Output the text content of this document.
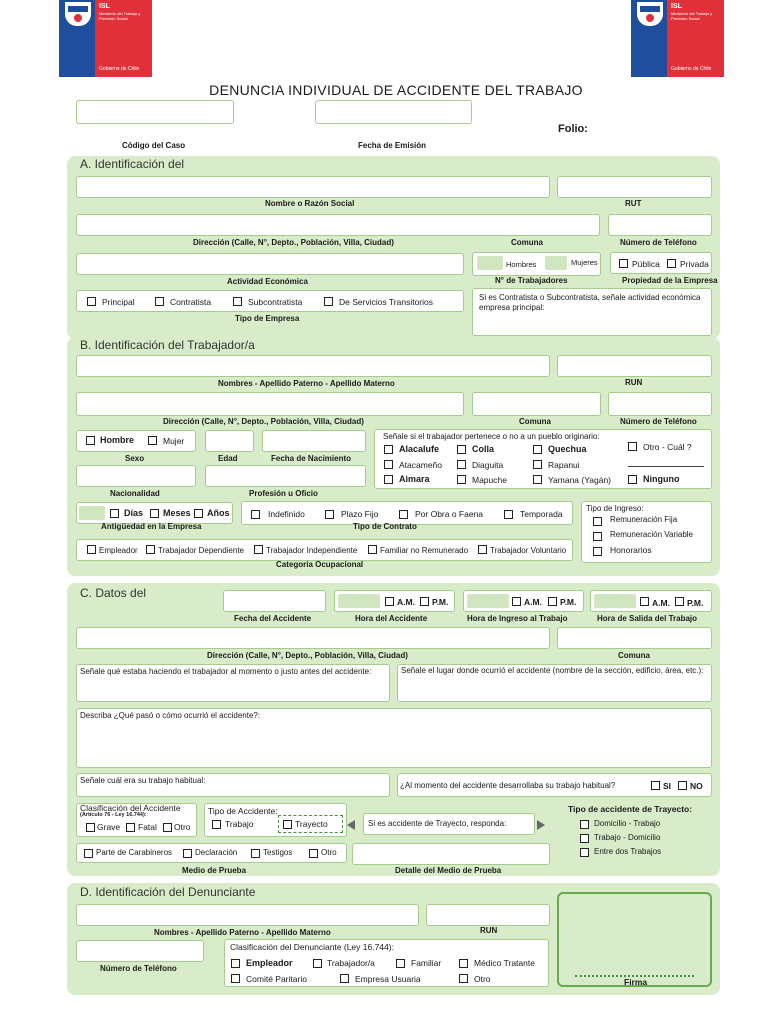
ISL
Ministerio del Trabajo y Previsión Social
Gobierno de Chile
ISL
Ministerio del Trabajo y Previsión Social
Gobierno de Chile
DENUNCIA INDIVIDUAL DE ACCIDENTE DEL TRABAJO
Folio:
Código del Caso	Fecha de Emisión
A. Identificación del
Nombre o Razón Social	RUT
Dirección (Calle, N°, Depto., Población, Villa, Ciudad)	Comuna	Número de Teléfono
Hombres	Mujeres	Pública Privada
Actividad Económica	N° de Trabajadores	Propiedad de la Empresa
Principal	Contratista	Subcontratista	De Servicios Transitorios
Tipo de Empresa
Si es Contratista o Subcontratista, señale actividad económica empresa principal:
B. Identificación del Trabajador/a
Nombres - Apellido Paterno - Apellido Materno	RUN
Dirección (Calle, N°, Depto., Población, Villa, Ciudad)	Comuna	Número de Teléfono
Hombre	Mujer
Sexo	Edad	Fecha de Nacimiento
Señale si el trabajador pertenece o no a un pueblo originario:
Alacalufe	Colla	Quechua	Otro - Cuál ?
Atacameño	Diaguita	Rapanui
Aimara	Mapuche	Yamana (Yagán)	Ninguno
Nacionalidad	Profesión u Oficio
Días Meses Años
Antigüedad en la Empresa
Indefinido	Plazo Fijo	Por Obra o Faena	Temporada
Tipo de Contrato
Tipo de Ingreso:
Remuneración Fija
Remuneración Variable
Honorarios
Empleador	Trabajador Dependiente	Trabajador Independiente	Familiar no Remunerado	Trabajador Voluntario
Categoría Ocupacional
C. Datos del
A.M. P.M.	A.M. P.M.	A.M. P.M.
Fecha del Accidente	Hora del Accidente	Hora de Ingreso al Trabajo	Hora de Salida del Trabajo
Dirección (Calle, N°, Depto., Población, Villa, Ciudad)	Comuna
Señale qué estaba haciendo el trabajador al momento o justo antes del accidente:	Señale el lugar donde ocurrió el accidente (nombre de la sección, edificio, área, etc.):
Describa ¿Qué pasó o cómo ocurrió el accidente?:
Señale cuál era su trabajo habitual:
¿Al momento del accidente desarrollaba su trabajo habitual?	SI NO
Clasificación del Accidente
(Artículo 76 - Ley 16.744):
Grave Fatal Otro
Tipo de Accidente:
Trabajo	Trayecto	Si es accidente de Trayecto, responda:
Tipo de accidente de Trayecto:
Domicilio - Trabajo
Trabajo - Domicilio
Entre dos Trabajos
Parte de Carabineros	Declaración	Testigos	Otro
Medio de Prueba	Detalle del Medio de Prueba
D. Identificación del Denunciante
Nombres - Apellido Paterno - Apellido Materno	RUN
Número de Teléfono
Clasificación del Denunciante (Ley 16.744):
Empleador	Trabajador/a	Familiar	Médico Tratante
Comité Paritario	Empresa Usuaria	Otro	Firma
